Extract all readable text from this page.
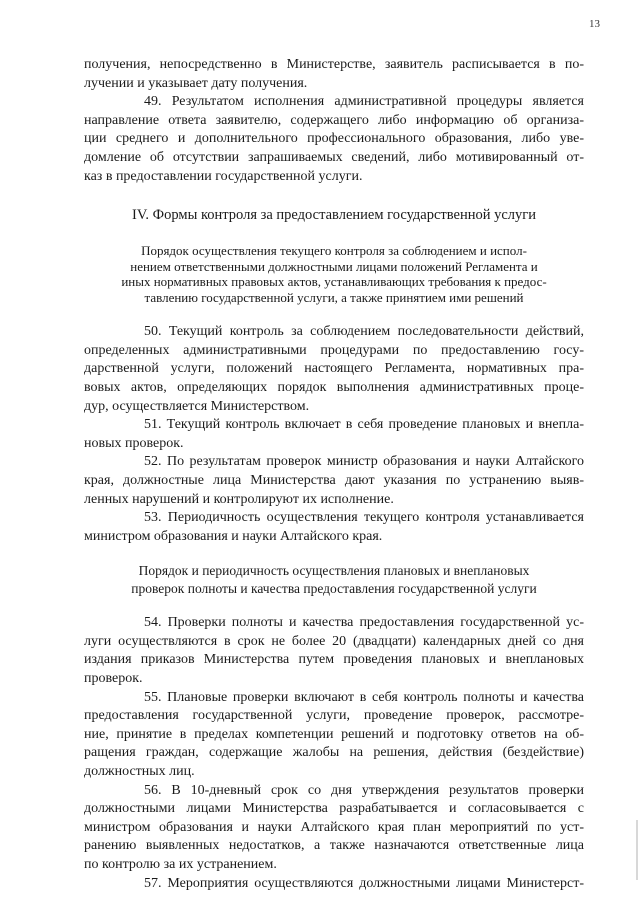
13
получения, непосредственно в Министерстве, заявитель расписывается в по-
лучении и указывает дату получения.
49. Результатом исполнения административной процедуры является
направление ответа заявителю, содержащего либо информацию об организа-
ции среднего и дополнительного профессионального образования, либо уве-
домление об отсутствии запрашиваемых сведений, либо мотивированный от-
каз в предоставлении государственной услуги.
IV. Формы контроля за предоставлением государственной услуги
Порядок осуществления текущего контроля за соблюдением и испол-
нением ответственными должностными лицами положений Регламента и
иных нормативных правовых актов, устанавливающих требования к предос-
тавлению государственной услуги, а также принятием ими решений
50. Текущий контроль за соблюдением последовательности действий,
определенных административными процедурами по предоставлению госу-
дарственной услуги, положений настоящего Регламента, нормативных пра-
вовых актов, определяющих порядок выполнения административных проце-
дур, осуществляется Министерством.
51. Текущий контроль включает в себя проведение плановых и внепла-
новых проверок.
52. По результатам проверок министр образования и науки Алтайского
края, должностные лица Министерства дают указания по устранению выяв-
ленных нарушений и контролируют их исполнение.
53. Периодичность осуществления текущего контроля устанавливается
министром образования и науки Алтайского края.
Порядок и периодичность осуществления плановых и внеплановых
проверок полноты и качества предоставления государственной услуги
54. Проверки полноты и качества предоставления государственной ус-
луги осуществляются в срок не более 20 (двадцати) календарных дней со дня
издания приказов Министерства путем проведения плановых и внеплановых
проверок.
55. Плановые проверки включают в себя контроль полноты и качества
предоставления государственной услуги, проведение проверок, рассмотре-
ние, принятие в пределах компетенции решений и подготовку ответов на об-
ращения граждан, содержащие жалобы на решения, действия (бездействие)
должностных лиц.
56. В 10-дневный срок со дня утверждения результатов проверки
должностными лицами Министерства разрабатывается и согласовывается с
министром образования и науки Алтайского края план мероприятий по уст-
ранению выявленных недостатков, а также назначаются ответственные лица
по контролю за их устранением.
57. Мероприятия осуществляются должностными лицами Министерст-
